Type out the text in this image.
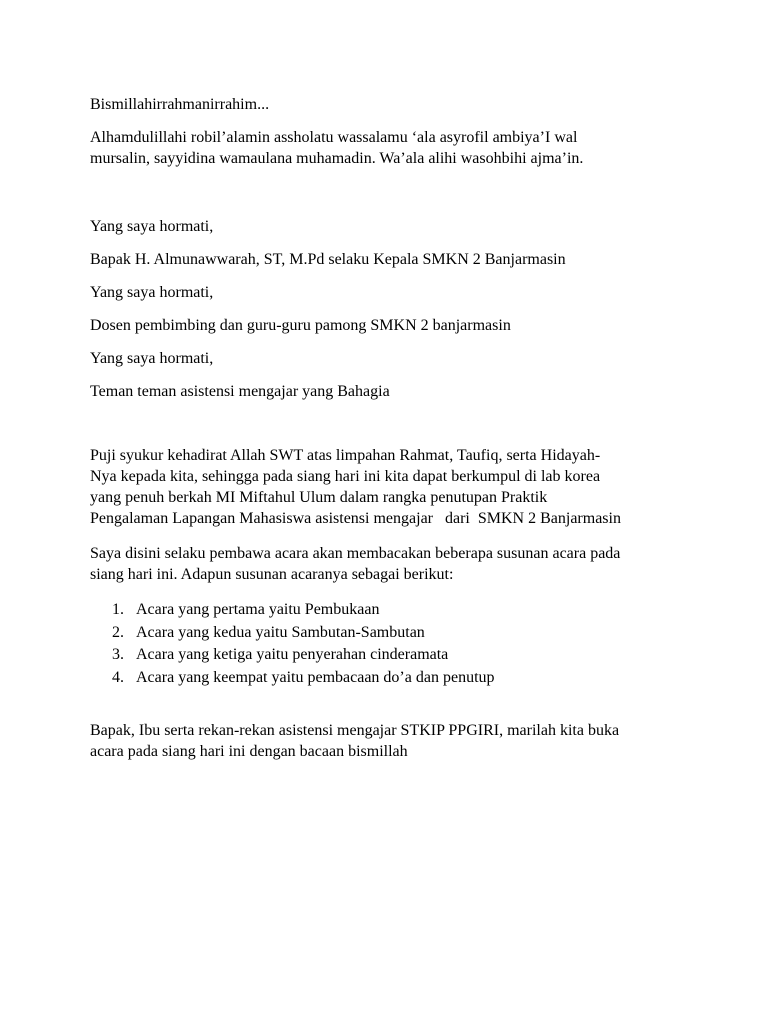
Bismillahirrahmanirrahim...

Alhamdulillahi robil’alamin assholatu wassalamu ‘ala asyrofil ambiya’I wal
mursalin, sayyidina wamaulana muhamadin. Wa’ala alihi wasohbihi ajma’in.

Yang saya hormati,

Bapak H. Almunawwarah, ST, M.Pd selaku Kepala SMKN 2 Banjarmasin

Yang saya hormati,

Dosen pembimbing dan guru-guru pamong SMKN 2 banjarmasin

Yang saya hormati,

Teman teman asistensi mengajar yang Bahagia

Puji syukur kehadirat Allah SWT atas limpahan Rahmat, Taufiq, serta Hidayah-
Nya kepada kita, sehingga pada siang hari ini kita dapat berkumpul di lab korea
yang penuh berkah MI Miftahul Ulum dalam rangka penutupan Praktik
Pengalaman Lapangan Mahasiswa asistensi mengajar   dari  SMKN 2 Banjarmasin

Saya disini selaku pembawa acara akan membacakan beberapa susunan acara pada
siang hari ini. Adapun susunan acaranya sebagai berikut:

1. Acara yang pertama yaitu Pembukaan
2. Acara yang kedua yaitu Sambutan-Sambutan
3. Acara yang ketiga yaitu penyerahan cinderamata
4. Acara yang keempat yaitu pembacaan do’a dan penutup

Bapak, Ibu serta rekan-rekan asistensi mengajar STKIP PPGIRI, marilah kita buka
acara pada siang hari ini dengan bacaan bismillah
